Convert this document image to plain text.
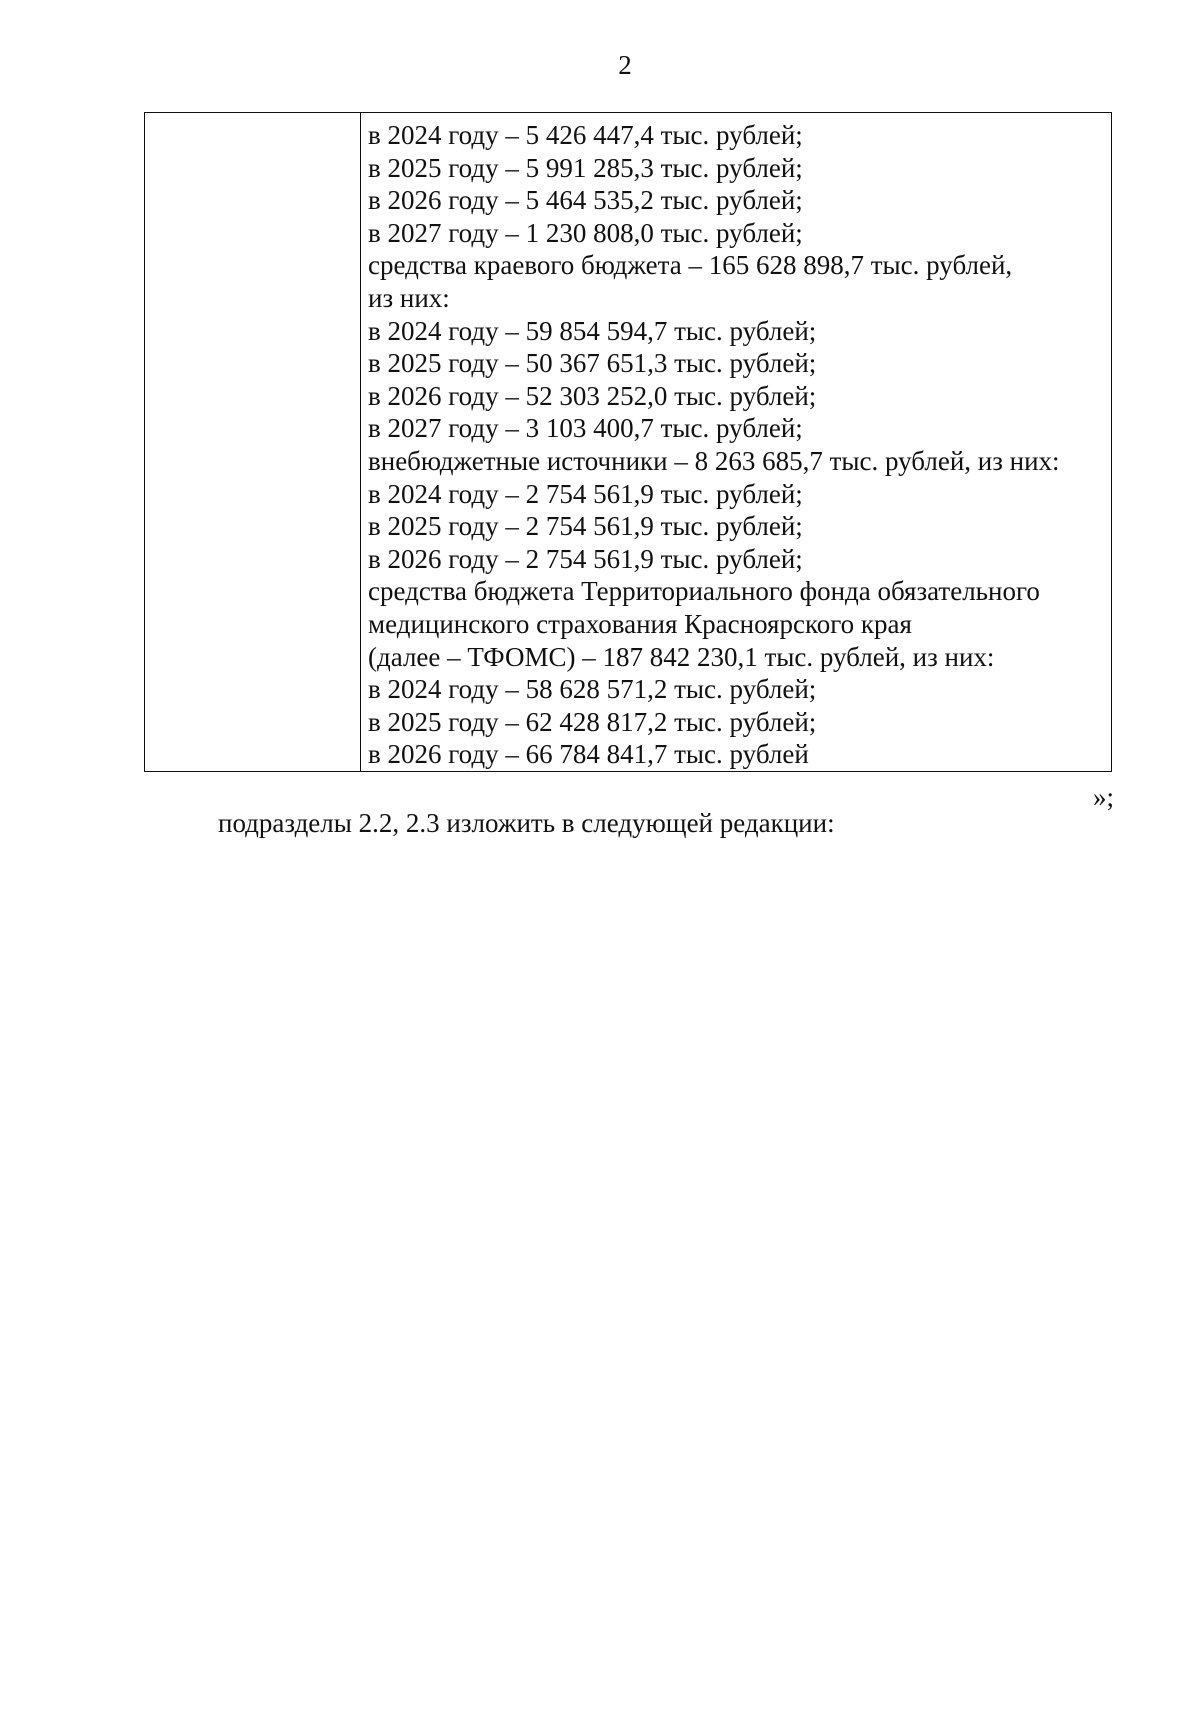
2
в 2024 году – 5 426 447,4 тыс. рублей;
в 2025 году – 5 991 285,3 тыс. рублей;
в 2026 году – 5 464 535,2 тыс. рублей;
в 2027 году – 1 230 808,0 тыс. рублей;
средства краевого бюджета – 165 628 898,7 тыс. рублей,
из них:
в 2024 году – 59 854 594,7 тыс. рублей;
в 2025 году – 50 367 651,3 тыс. рублей;
в 2026 году – 52 303 252,0 тыс. рублей;
в 2027 году – 3 103 400,7 тыс. рублей;
внебюджетные источники – 8 263 685,7 тыс. рублей, из них:
в 2024 году – 2 754 561,9 тыс. рублей;
в 2025 году – 2 754 561,9 тыс. рублей;
в 2026 году – 2 754 561,9 тыс. рублей;
средства бюджета Территориального фонда обязательного
медицинского страхования Красноярского края
(далее – ТФОМС) – 187 842 230,1 тыс. рублей, из них:
в 2024 году – 58 628 571,2 тыс. рублей;
в 2025 году – 62 428 817,2 тыс. рублей;
в 2026 году – 66 784 841,7 тыс. рублей
»;
подразделы 2.2, 2.3 изложить в следующей редакции:
